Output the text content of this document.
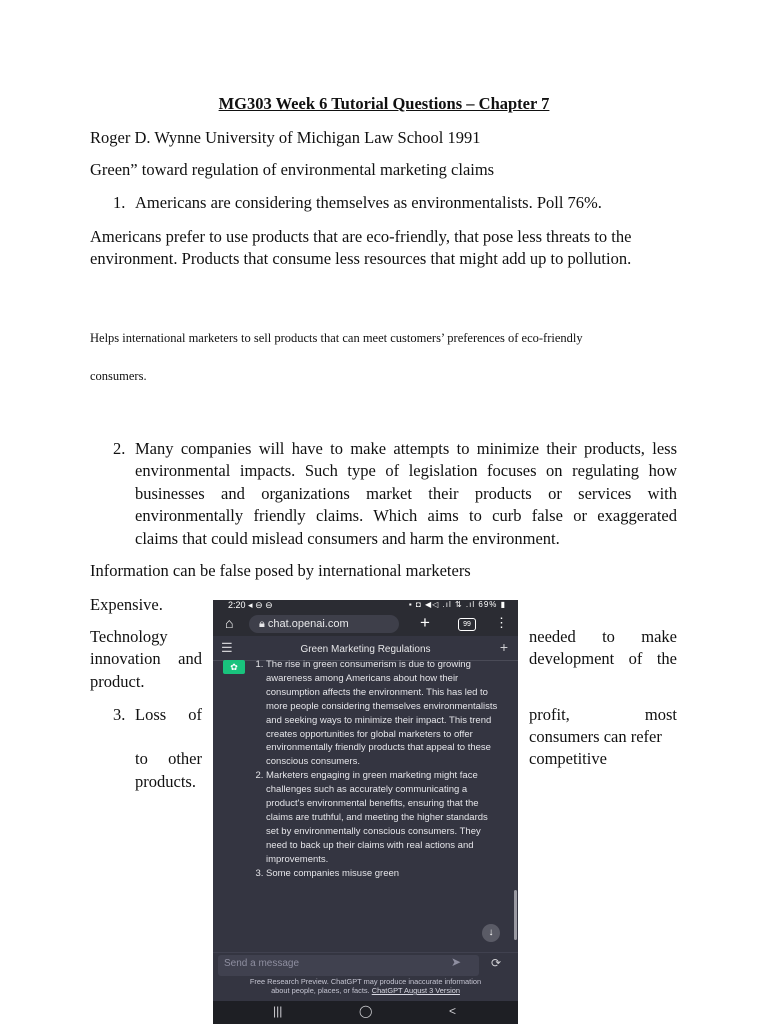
MG303 Week 6 Tutorial Questions – Chapter 7
Roger D. Wynne University of Michigan Law School 1991
Green” toward regulation of environmental marketing claims
1. Americans are considering themselves as environmentalists. Poll 76%.
Americans prefer to use products that are eco-friendly, that pose less threats to the
environment. Products that consume less resources that might add up to pollution.
Helps international marketers to sell products that can meet customers’ preferences of eco-friendly
consumers.
2. Many companies will have to make attempts to minimize their products, less
environmental impacts. Such type of legislation focuses on regulating how
businesses and organizations market their products or services with
environmentally friendly claims. Which aims to curb false or exaggerated
claims that could mislead consumers and harm the environment.
Information can be false posed by international marketers
Expensive.
Technology
innovation and
product.
needed to make
development of the
3. Loss of
to other
products.
profit, most
consumers can refer
competitive
2:20 ◂ ⊖ ⊖	▪ ◘ ◀◁ .ıl ⇅ .ıl 69% ▮
⌂	🔒︎ chat.openai.com	+	99	⋮
☰	Green Marketing Regulations	+
✿	1. The rise in green consumerism is due to growing awareness among Americans about how their consumption affects the environment. This has led to more people considering themselves environmentalists and seeking ways to minimize their impact. This trend creates opportunities for global marketers to offer environmentally friendly products that appeal to these conscious consumers.
2. Marketers engaging in green marketing might face challenges such as accurately communicating a product's environmental benefits, ensuring that the claims are truthful, and meeting the higher standards set by environmentally conscious consumers. They need to back up their claims with real actions and improvements.
3. Some companies misuse green
↓
Send a message	➤ ⟳
Free Research Preview. ChatGPT may produce inaccurate information
about people, places, or facts. ChatGPT August 3 Version
|||	◯	<
